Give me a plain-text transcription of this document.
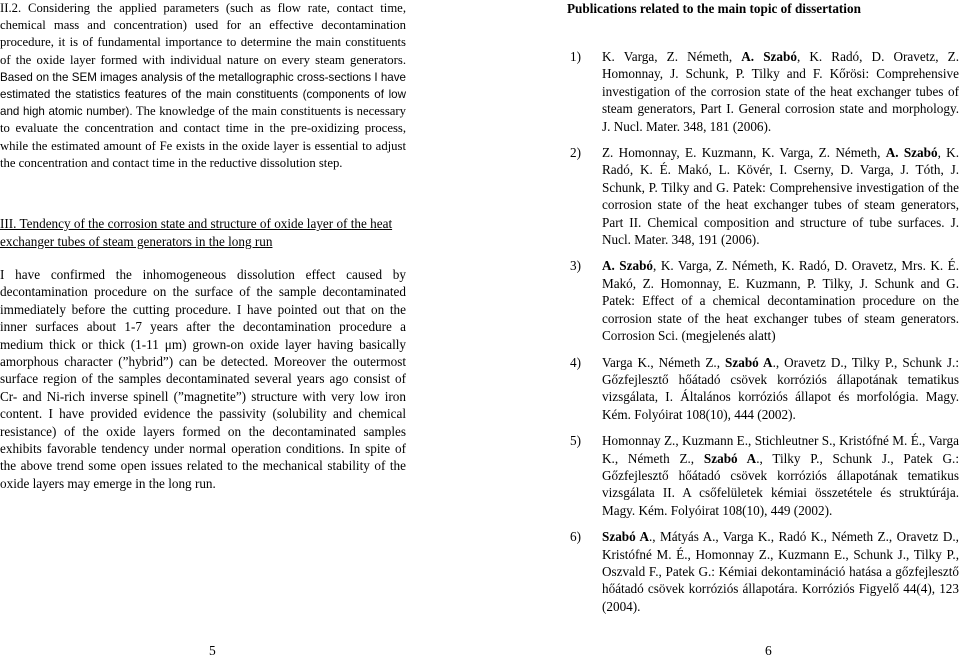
II.2. Considering the applied parameters (such as flow rate, contact time, chemical mass and concentration) used for an effective decontamination procedure, it is of fundamental importance to determine the main constituents of the oxide layer formed with individual nature on every steam generators. Based on the SEM images analysis of the metallographic cross-sections I have estimated the statistics features of the main constituents (components of low and high atomic number). The knowledge of the main constituents is necessary to evaluate the concentration and contact time in the pre-oxidizing process, while the estimated amount of Fe exists in the oxide layer is essential to adjust the concentration and contact time in the reductive dissolution step.
III. Tendency of the corrosion state and structure of oxide layer of the heat exchanger tubes of steam generators in the long run
I have confirmed the inhomogeneous dissolution effect caused by decontamination procedure on the surface of the sample decontaminated immediately before the cutting procedure. I have pointed out that on the inner surfaces about 1-7 years after the decontamination procedure a medium thick or thick (1-11 μm) grown-on oxide layer having basically amorphous character (”hybrid”) can be detected. Moreover the outermost surface region of the samples decontaminated several years ago consist of Cr- and Ni-rich inverse spinell (”magnetite”) structure with very low iron content. I have provided evidence the passivity (solubility and chemical resistance) of the oxide layers formed on the decontaminated samples exhibits favorable tendency under normal operation conditions. In spite of the above trend some open issues related to the mechanical stability of the oxide layers may emerge in the long run.
5
Publications related to the main topic of dissertation
1) K. Varga, Z. Németh, A. Szabó, K. Radó, D. Oravetz, Z. Homonnay, J. Schunk, P. Tilky and F. Kőrösi: Comprehensive investigation of the corrosion state of the heat exchanger tubes of steam generators, Part I. General corrosion state and morphology. J. Nucl. Mater. 348, 181 (2006).
2) Z. Homonnay, E. Kuzmann, K. Varga, Z. Németh, A. Szabó, K. Radó, K. É. Makó, L. Kövér, I. Cserny, D. Varga, J. Tóth, J. Schunk, P. Tilky and G. Patek: Comprehensive investigation of the corrosion state of the heat exchanger tubes of steam generators, Part II. Chemical composition and structure of tube surfaces. J. Nucl. Mater. 348, 191 (2006).
3) A. Szabó, K. Varga, Z. Németh, K. Radó, D. Oravetz, Mrs. K. É. Makó, Z. Homonnay, E. Kuzmann, P. Tilky, J. Schunk and G. Patek: Effect of a chemical decontamination procedure on the corrosion state of the heat exchanger tubes of steam generators. Corrosion Sci. (megjelenés alatt)
4) Varga K., Németh Z., Szabó A., Oravetz D., Tilky P., Schunk J.: Gőzfejlesztő hőátadó csövek korróziós állapotának tematikus vizsgálata, I. Általános korróziós állapot és morfológia. Magy. Kém. Folyóirat 108(10), 444 (2002).
5) Homonnay Z., Kuzmann E., Stichleutner S., Kristófné M. É., Varga K., Németh Z., Szabó A., Tilky P., Schunk J., Patek G.: Gőzfejlesztő hőátadó csövek korróziós állapotának tematikus vizsgálata II. A csőfelületek kémiai összetétele és struktúrája. Magy. Kém. Folyóirat 108(10), 449 (2002).
6) Szabó A., Mátyás A., Varga K., Radó K., Németh Z., Oravetz D., Kristófné M. É., Homonnay Z., Kuzmann E., Schunk J., Tilky P., Oszvald F., Patek G.: Kémiai dekontamináció hatása a gőzfejlesztő hőátadó csövek korróziós állapotára. Korróziós Figyelő 44(4), 123 (2004).
6
